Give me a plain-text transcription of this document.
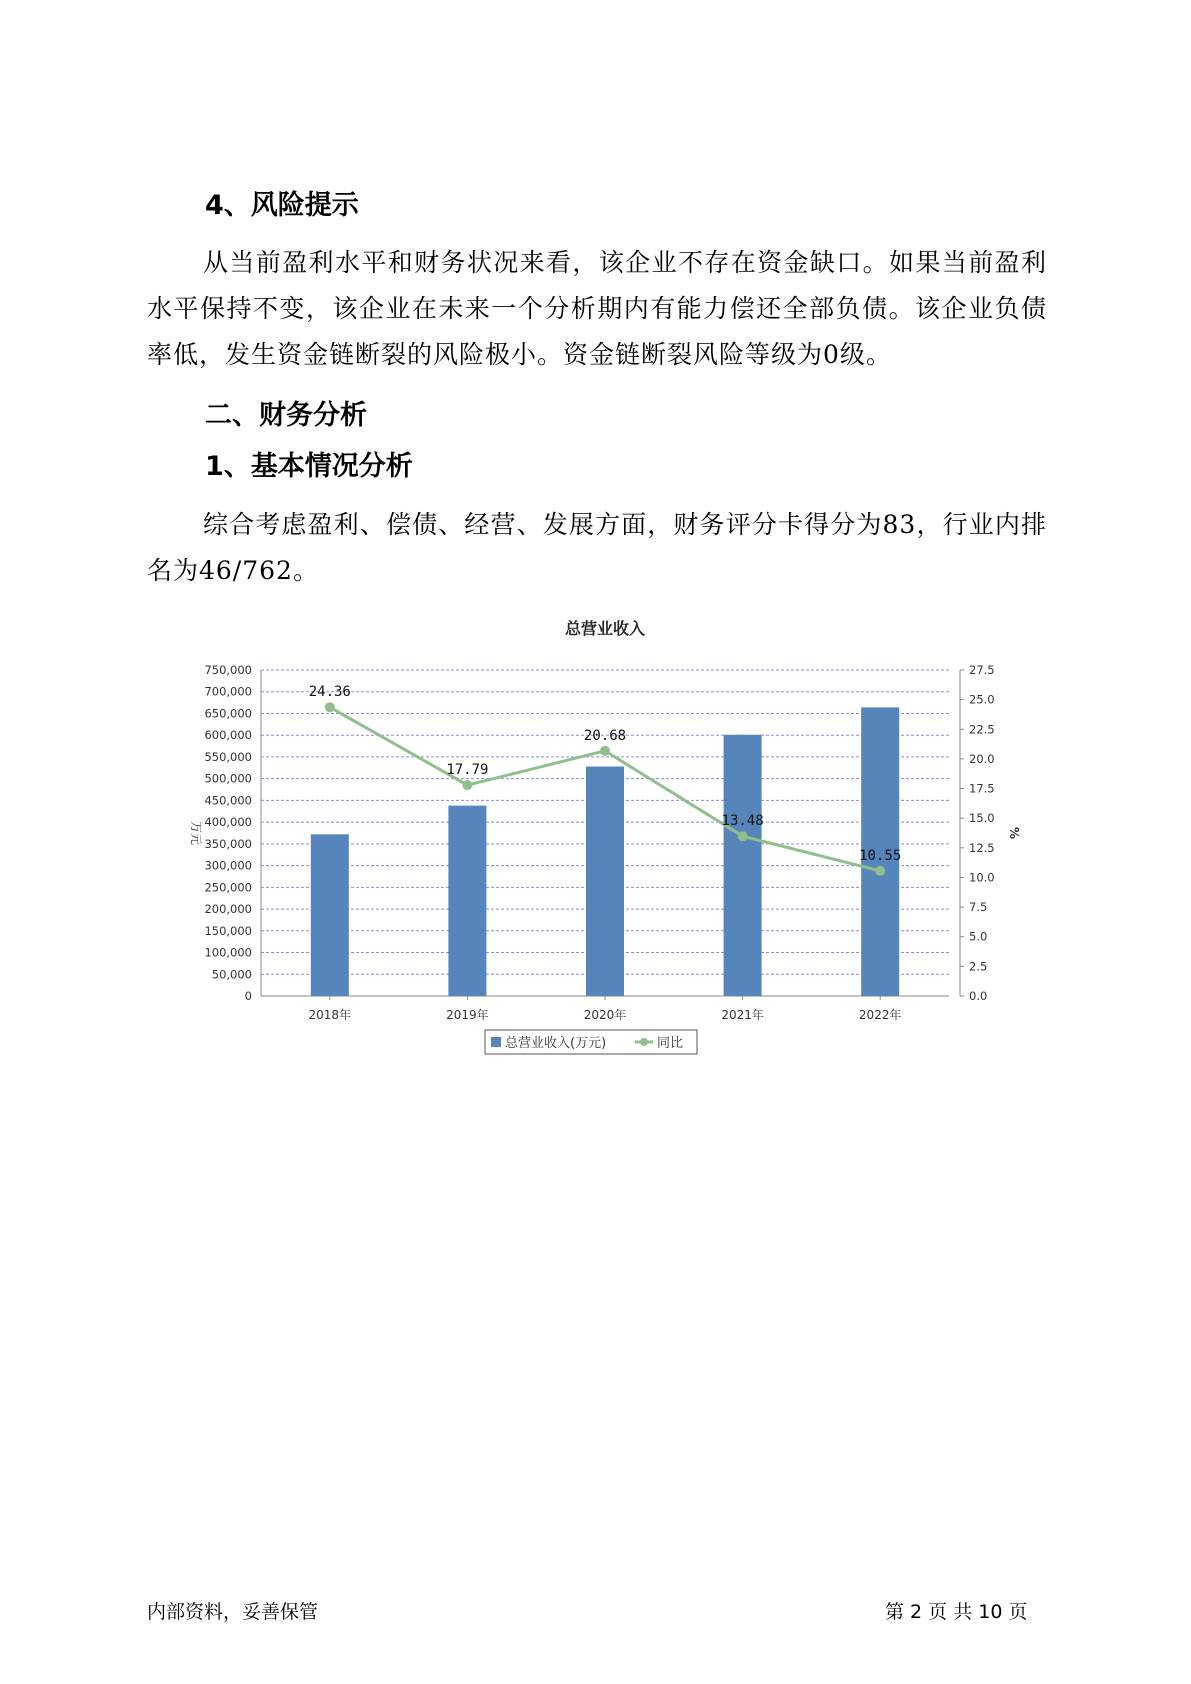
4、风险提示

从当前盈利水平和财务状况来看，该企业不存在资金缺口。如果当前盈利水平保持不变，该企业在未来一个分析期内有能力偿还全部负债。该企业负债率低，发生资金链断裂的风险极小。资金链断裂风险等级为0级。

二、财务分析
1、基本情况分析

综合考虑盈利、偿债、经营、发展方面，财务评分卡得分为83，行业内排名为46/762。

总营业收入
0
50,000
100,000
150,000
200,000
250,000
300,000
350,000
400,000
450,000
500,000
550,000
600,000
650,000
700,000
750,000
0.0
2.5
5.0
7.5
10.0
12.5
15.0
17.5
20.0
22.5
25.0
27.5
万元	%
2018年	2019年	2020年	2021年	2022年
24.36
17.79
20.68
13.48
10.55
总营业收入(万元)	同比
内部资料，妥善保管	第 2 页 共 10 页
